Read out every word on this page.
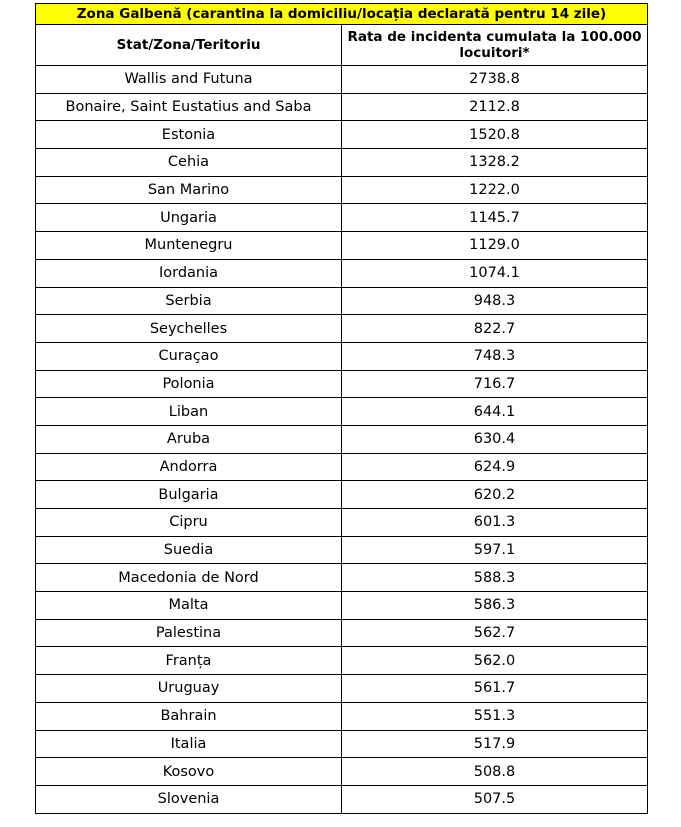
Zona Galbenă (carantina la domiciliu/locația declarată pentru 14 zile)	
Stat/Zona/Teritoriu	Rata de incidenta cumulata la 100.000 locuitori*
Wallis and Futuna	2738.8
Bonaire, Saint Eustatius and Saba	2112.8
Estonia	1520.8
Cehia	1328.2
San Marino	1222.0
Ungaria	1145.7
Muntenegru	1129.0
Iordania	1074.1
Serbia	948.3
Seychelles	822.7
Curaçao	748.3
Polonia	716.7
Liban	644.1
Aruba	630.4
Andorra	624.9
Bulgaria	620.2
Cipru	601.3
Suedia	597.1
Macedonia de Nord	588.3
Malta	586.3
Palestina	562.7
Franța	562.0
Uruguay	561.7
Bahrain	551.3
Italia	517.9
Kosovo	508.8
Slovenia	507.5
